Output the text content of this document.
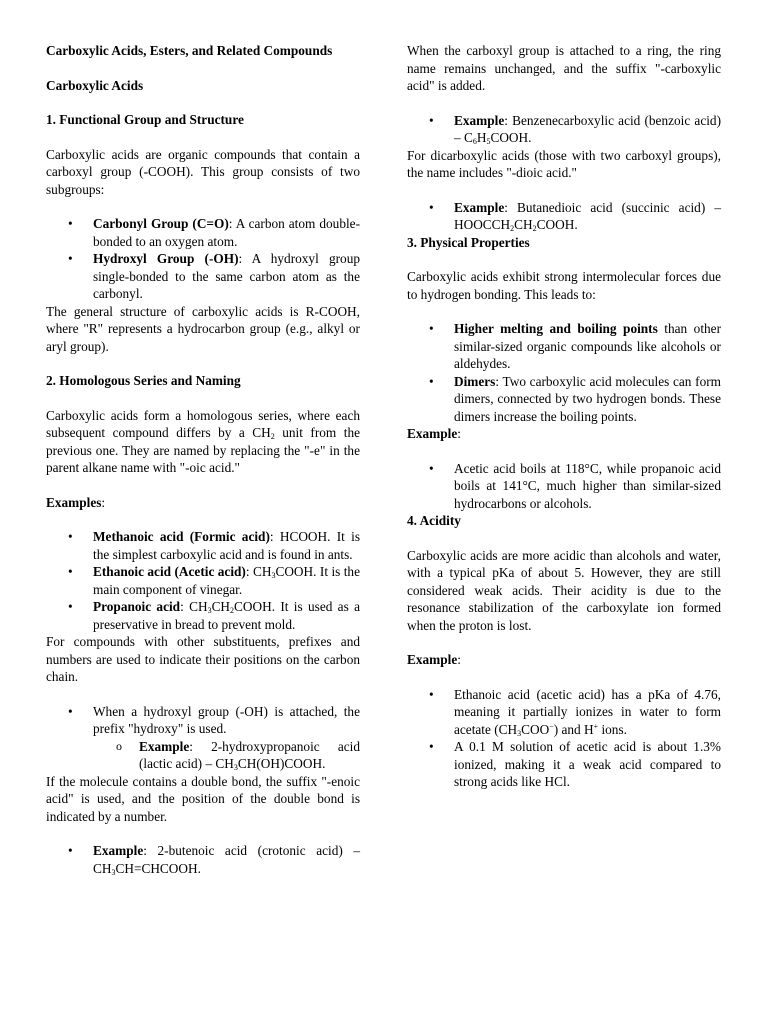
Carboxylic Acids, Esters, and Related Compounds
Carboxylic Acids
1. Functional Group and Structure

Carboxylic acids are organic compounds that contain a carboxyl group (-COOH). This group consists of two subgroups:

• Carbonyl Group (C=O): A carbon atom double-bonded to an oxygen atom.
• Hydroxyl Group (-OH): A hydroxyl group single-bonded to the same carbon atom as the carbonyl.

The general structure of carboxylic acids is R-COOH, where "R" represents a hydrocarbon group (e.g., alkyl or aryl group).

2. Homologous Series and Naming

Carboxylic acids form a homologous series, where each subsequent compound differs by a $CH_2$ unit from the previous one. They are named by replacing the "-e" in the parent alkane name with "-oic acid."

Examples:

• Methanoic acid (Formic acid): HCOOH. It is the simplest carboxylic acid and is found in ants.
• Ethanoic acid (Acetic acid): $CH_3COOH$. It is the main component of vinegar.
• Propanoic acid: $CH_3CH_2COOH$. It is used as a preservative in bread to prevent mold.

For compounds with other substituents, prefixes and numbers are used to indicate their positions on the carbon chain.

• When a hydroxyl group (-OH) is attached, the prefix "hydroxy" is used.
o Example: 2-hydroxypropanoic acid (lactic acid) – $CH_3CH(OH)COOH$.

If the molecule contains a double bond, the suffix "-enoic acid" is used, and the position of the double bond is indicated by a number.

• Example: 2-butenoic acid (crotonic acid) – $CH_3CH=CHCOOH$.

When the carboxyl group is attached to a ring, the ring name remains unchanged, and the suffix "-carboxylic acid" is added.

• Example: Benzenecarboxylic acid (benzoic acid) – $C_6H_5COOH$.

For dicarboxylic acids (those with two carboxyl groups), the name includes "-dioic acid."

• Example: Butanedioic acid (succinic acid) – $HOOCCH_2CH_2COOH$.
3. Physical Properties

Carboxylic acids exhibit strong intermolecular forces due to hydrogen bonding. This leads to:

• Higher melting and boiling points than other similar-sized organic compounds like alcohols or aldehydes.
• Dimers: Two carboxylic acid molecules can form dimers, connected by two hydrogen bonds. These dimers increase the boiling points.

Example:

• Acetic acid boils at 118°C, while propanoic acid boils at 141°C, much higher than similar-sized hydrocarbons or alcohols.
4. Acidity

Carboxylic acids are more acidic than alcohols and water, with a typical pKa of about 5. However, they are still considered weak acids. Their acidity is due to the resonance stabilization of the carboxylate ion formed when the proton is lost.

Example:

• Ethanoic acid (acetic acid) has a pKa of 4.76, meaning it partially ionizes in water to form acetate $(CH_3COO^-)$ and H+ ions.
• A 0.1 M solution of acetic acid is about 1.3% ionized, making it a weak acid compared to strong acids like HCl.
